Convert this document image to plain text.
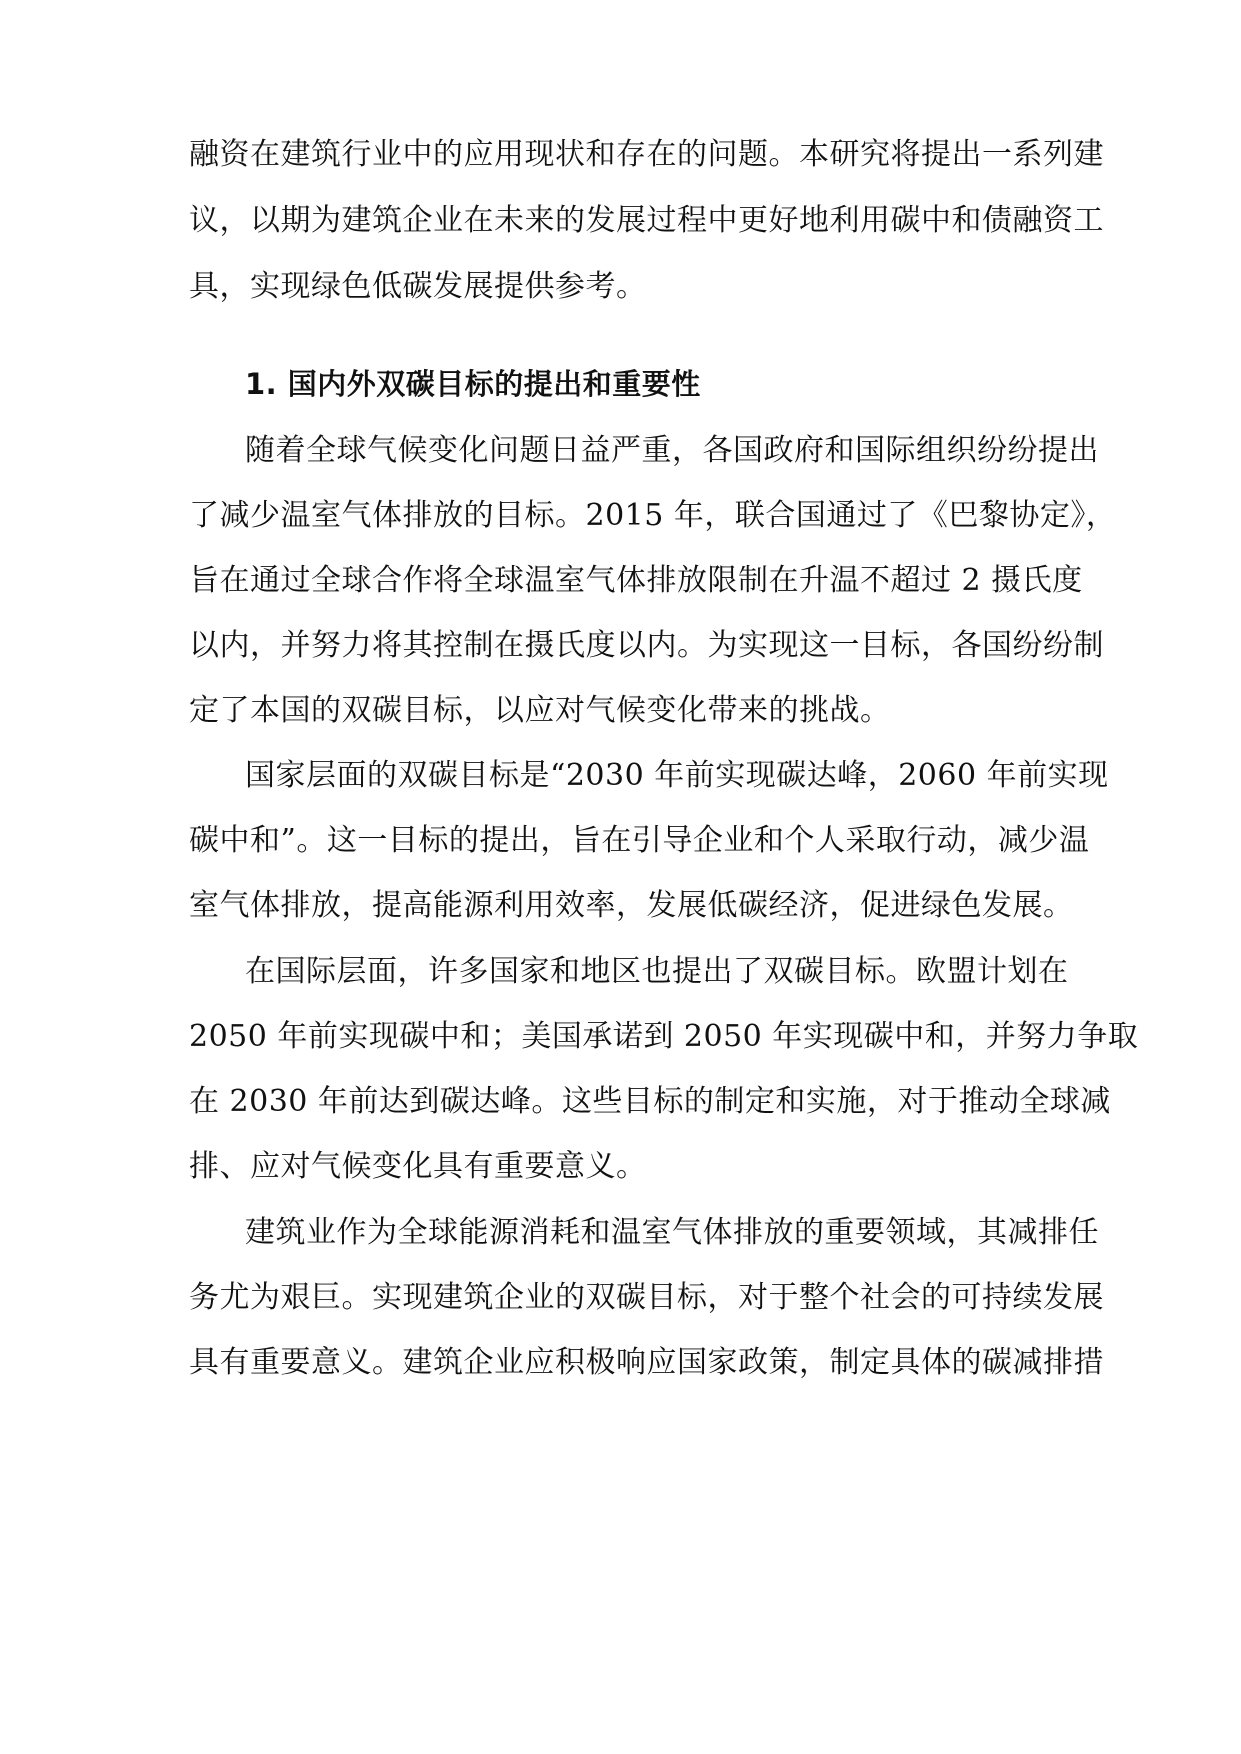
融资在建筑行业中的应用现状和存在的问题。本研究将提出一系列建
议，以期为建筑企业在未来的发展过程中更好地利用碳中和债融资工
具，实现绿色低碳发展提供参考。
1. 国内外双碳目标的提出和重要性
随着全球气候变化问题日益严重，各国政府和国际组织纷纷提出
了减少温室气体排放的目标。2015 年，联合国通过了《巴黎协定》，
旨在通过全球合作将全球温室气体排放限制在升温不超过 2 摄氏度
以内，并努力将其控制在摄氏度以内。为实现这一目标，各国纷纷制
定了本国的双碳目标，以应对气候变化带来的挑战。
国家层面的双碳目标是“2030 年前实现碳达峰，2060 年前实现
碳中和”。这一目标的提出，旨在引导企业和个人采取行动，减少温
室气体排放，提高能源利用效率，发展低碳经济，促进绿色发展。
在国际层面，许多国家和地区也提出了双碳目标。欧盟计划在
2050 年前实现碳中和；美国承诺到 2050 年实现碳中和，并努力争取
在 2030 年前达到碳达峰。这些目标的制定和实施，对于推动全球减
排、应对气候变化具有重要意义。
建筑业作为全球能源消耗和温室气体排放的重要领域，其减排任
务尤为艰巨。实现建筑企业的双碳目标，对于整个社会的可持续发展
具有重要意义。建筑企业应积极响应国家政策，制定具体的碳减排措
